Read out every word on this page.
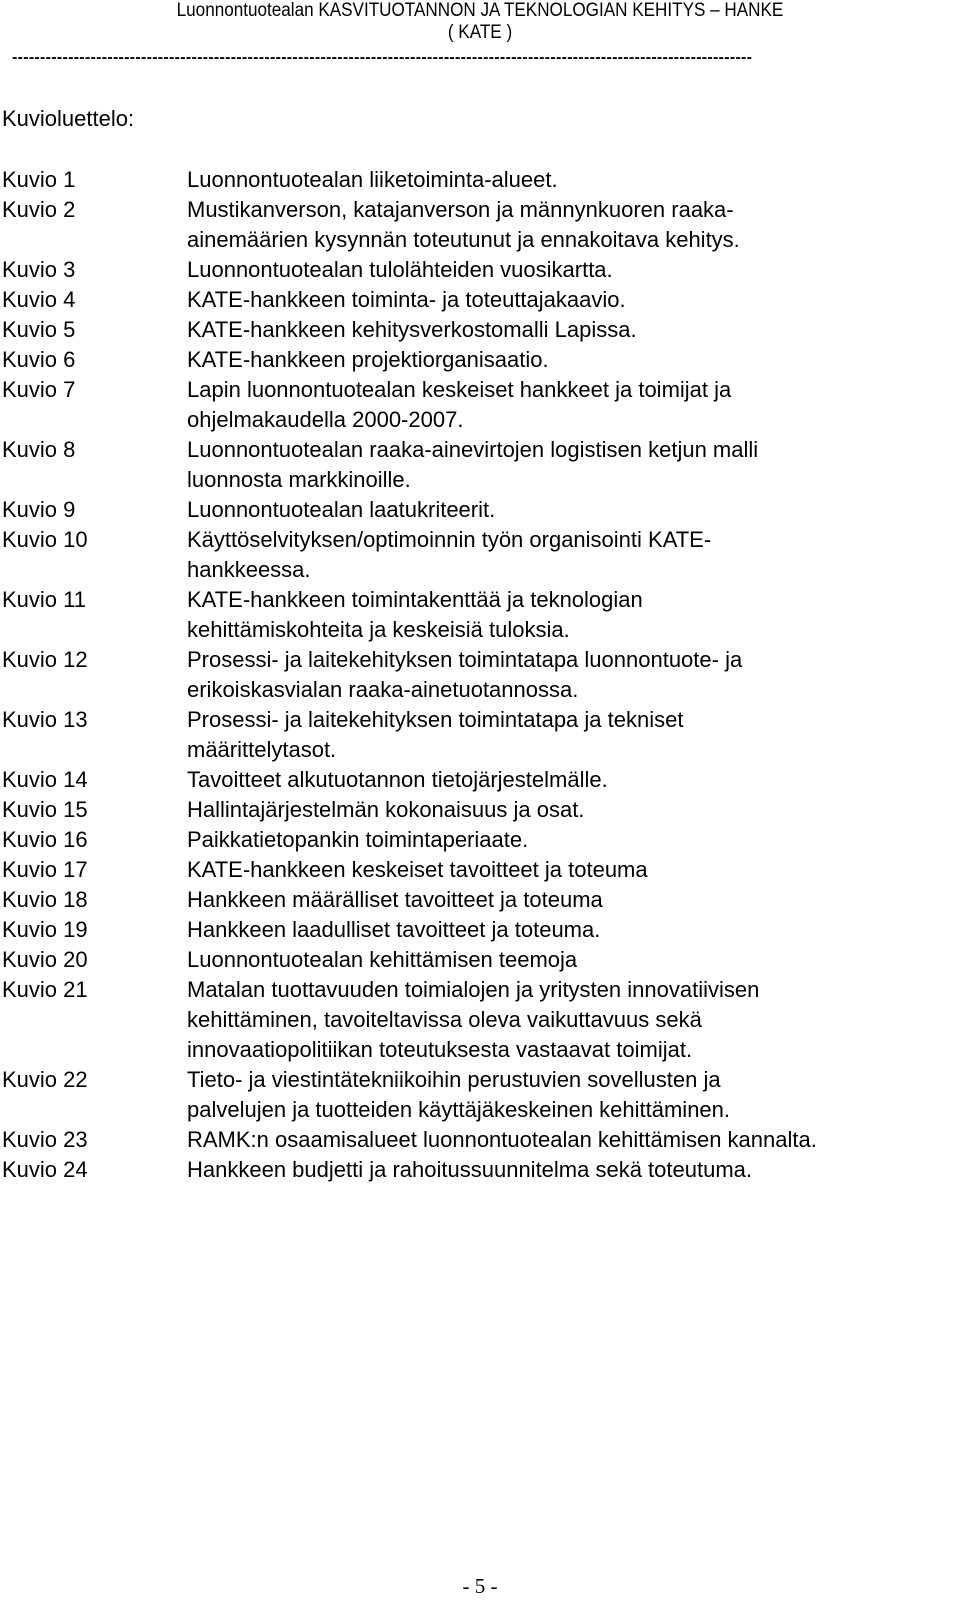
Luonnontuotealan KASVITUOTANNON JA TEKNOLOGIAN KEHITYS – HANKE
( KATE )
------------------------------------------------------------------------------------------------------------------------------------
Kuvioluettelo:
Kuvio 1	Luonnontuotealan liiketoiminta-alueet.
Kuvio 2	Mustikanverson, katajanverson ja männynkuoren raaka-
ainemäärien kysynnän toteutunut ja ennakoitava kehitys.
Kuvio 3	Luonnontuotealan tulolähteiden vuosikartta.
Kuvio 4	KATE-hankkeen toiminta- ja toteuttajakaavio.
Kuvio 5	KATE-hankkeen kehitysverkostomalli Lapissa.
Kuvio 6	KATE-hankkeen projektiorganisaatio.
Kuvio 7	Lapin luonnontuotealan keskeiset hankkeet ja toimijat ja
ohjelmakaudella 2000-2007.
Kuvio 8	Luonnontuotealan raaka-ainevirtojen logistisen ketjun malli
luonnosta markkinoille.
Kuvio 9	Luonnontuotealan laatukriteerit.
Kuvio 10	Käyttöselvityksen/optimoinnin työn organisointi KATE-
hankkeessa.
Kuvio 11	KATE-hankkeen toimintakenttää ja teknologian
kehittämiskohteita ja keskeisiä tuloksia.
Kuvio 12	Prosessi- ja laitekehityksen toimintatapa luonnontuote- ja
erikoiskasvialan raaka-ainetuotannossa.
Kuvio 13	Prosessi- ja laitekehityksen toimintatapa ja tekniset
määrittelytasot.
Kuvio 14	Tavoitteet alkutuotannon tietojärjestelmälle.
Kuvio 15	Hallintajärjestelmän kokonaisuus ja osat.
Kuvio 16	Paikkatietopankin toimintaperiaate.
Kuvio 17	KATE-hankkeen keskeiset tavoitteet ja toteuma
Kuvio 18	Hankkeen määrälliset tavoitteet ja toteuma
Kuvio 19	Hankkeen laadulliset tavoitteet ja toteuma.
Kuvio 20	Luonnontuotealan kehittämisen teemoja
Kuvio 21	Matalan tuottavuuden toimialojen ja yritysten innovatiivisen
kehittäminen, tavoiteltavissa oleva vaikuttavuus sekä
innovaatiopolitiikan toteutuksesta vastaavat toimijat.
Kuvio 22	Tieto- ja viestintätekniikoihin perustuvien sovellusten ja
palvelujen ja tuotteiden käyttäjäkeskeinen kehittäminen.
Kuvio 23	RAMK:n osaamisalueet luonnontuotealan kehittämisen kannalta.
Kuvio 24	Hankkeen budjetti ja rahoitussuunnitelma sekä toteutuma.
- 5 -
